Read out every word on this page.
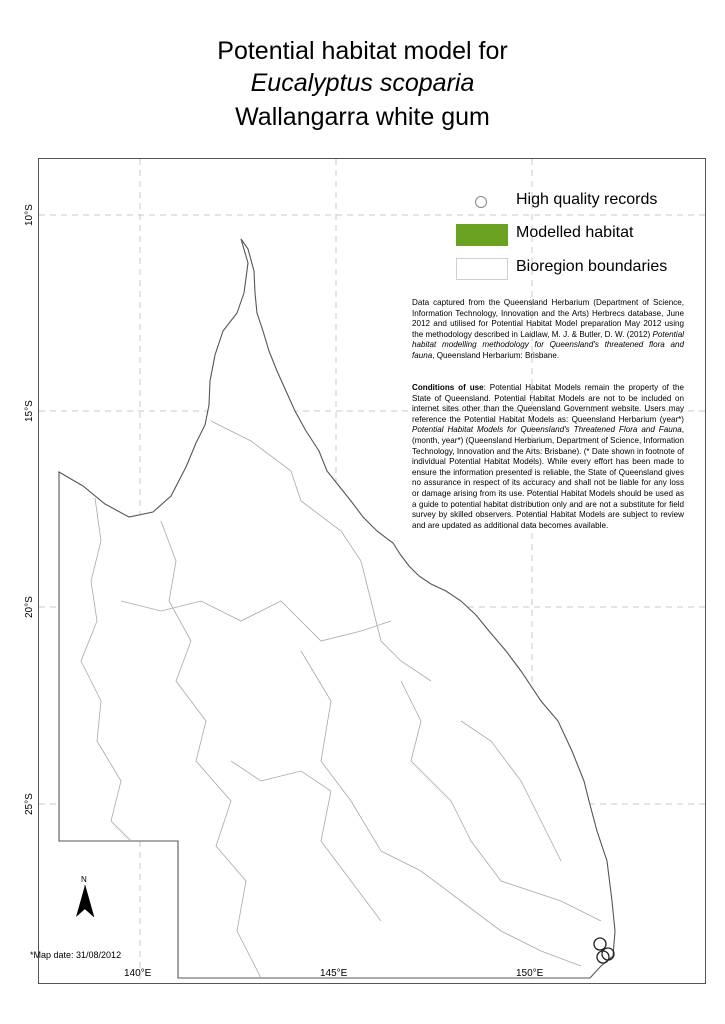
Potential habitat model for
Eucalyptus scoparia
Wallangarra white gum
10°S
15°S
20°S
25°S
140°E	145°E	150°E
High quality records
Modelled habitat
Bioregion boundaries
Data captured from the Queensland Herbarium (Department of Science, Information Technology, Innovation and the Arts) Herbrecs database, June 2012 and utilised for Potential Habitat Model preparation May 2012 using the methodology described in Laidlaw, M. J. & Butler, D. W. (2012) Potential habitat modelling methodology for Queensland's threatened flora and fauna, Queensland Herbarium: Brisbane.
Conditions of use: Potential Habitat Models remain the property of the State of Queensland. Potential Habitat Models are not to be included on internet sites other than the Queensland Government website. Users may reference the Potential Habitat Models as: Queensland Herbarium (year*) Potential Habitat Models for Queensland's Threatened Flora and Fauna, (month, year*) (Queensland Herbarium, Department of Science, Information Technology, Innovation and the Arts: Brisbane). (* Date shown in footnote of individual Potential Habitat Models). While every effort has been made to ensure the information presented is reliable, the State of Queensland gives no assurance in respect of its accuracy and shall not be liable for any loss or damage arising from its use. Potential Habitat Models should be used as a guide to potential habitat distribution only and are not a substitute for field survey by skilled observers. Potential Habitat Models are subject to review and are updated as additional data becomes available.
N
*Map date: 31/08/2012
